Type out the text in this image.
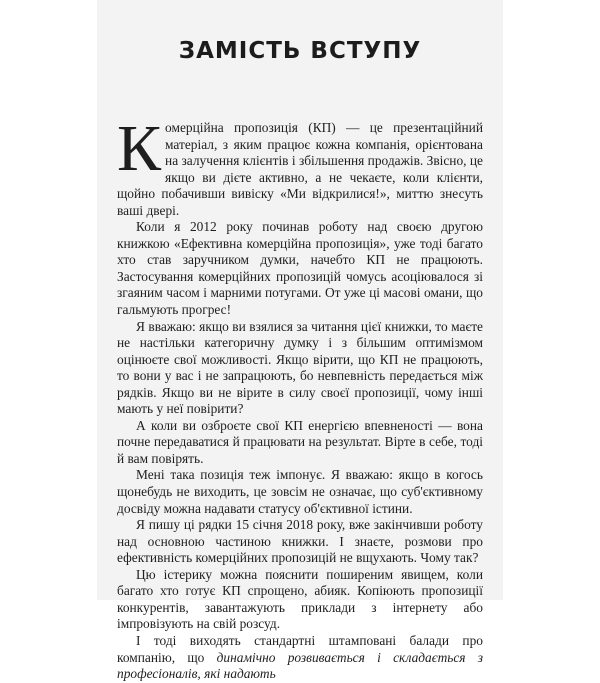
ЗАМІСТЬ ВСТУПУ

Комерційна пропозиція (КП) — це презентаційний матеріал, з яким працює кожна компанія, орієнтована на залучення клієнтів і збільшення продажів. Звісно, це якщо ви дієте активно, а не чекаєте, коли клієнти, щойно побачивши вивіску «Ми відкрилися!», миттю знесуть ваші двері.

Коли я 2012 року починав роботу над своєю другою книжкою «Ефективна комерційна пропозиція», уже тоді багато хто став заручником думки, начебто КП не працюють. Застосування комерційних пропозицій чомусь асоціювалося зі згаяним часом і марними потугами. От уже ці масові омани, що гальмують прогрес!

Я вважаю: якщо ви взялися за читання цієї книжки, то маєте не настільки категоричну думку і з більшим оптимізмом оцінюєте свої можливості. Якщо вірити, що КП не працюють, то вони у вас і не запрацюють, бо невпевність передається між рядків. Якщо ви не вірите в силу своєї пропозиції, чому інші мають у неї повірити?

А коли ви озброєте свої КП енергією впевненості — вона почне передаватися й працювати на результат. Вірте в себе, тоді й вам повірять.

Мені така позиція теж імпонує. Я вважаю: якщо в когось щонебудь не виходить, це зовсім не означає, що суб'єктивному досвіду можна надавати статусу об'єктивної істини.

Я пишу ці рядки 15 січня 2018 року, вже закінчивши роботу над основною частиною книжки. І знаєте, розмови про ефективність комерційних пропозицій не вщухають. Чому так?

Цю істерику можна пояснити поширеним явищем, коли багато хто готує КП спрощено, абияк. Копіюють пропозиції конкурентів, завантажують приклади з інтернету або імпровізують на свій розсуд.

І тоді виходять стандартні штамповані балади про компанію, що динамічно розвивається і складається з професіоналів, які надають
